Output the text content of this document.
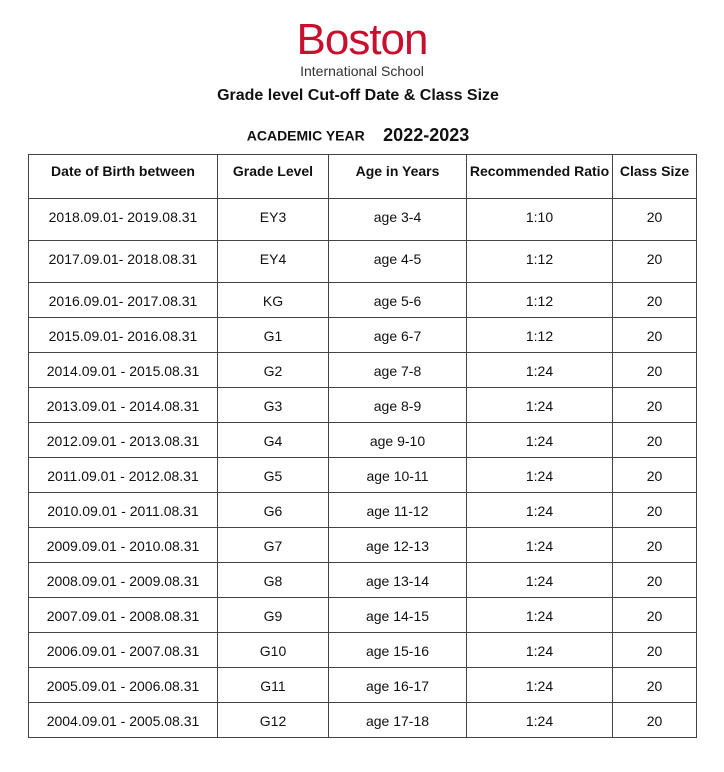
Boston
International School
Grade level Cut-off Date & Class Size
ACADEMIC YEAR 2022-2023
Date of Birth between	Grade Level	Age in Years	Recommended Ratio	Class Size
2018.09.01- 2019.08.31	EY3	age 3-4	1:10	20
2017.09.01- 2018.08.31	EY4	age 4-5	1:12	20
2016.09.01- 2017.08.31	KG	age 5-6	1:12	20
2015.09.01- 2016.08.31	G1	age 6-7	1:12	20
2014.09.01 - 2015.08.31	G2	age 7-8	1:24	20
2013.09.01 - 2014.08.31	G3	age 8-9	1:24	20
2012.09.01 - 2013.08.31	G4	age 9-10	1:24	20
2011.09.01 - 2012.08.31	G5	age 10-11	1:24	20
2010.09.01 - 2011.08.31	G6	age 11-12	1:24	20
2009.09.01 - 2010.08.31	G7	age 12-13	1:24	20
2008.09.01 - 2009.08.31	G8	age 13-14	1:24	20
2007.09.01 - 2008.08.31	G9	age 14-15	1:24	20
2006.09.01 - 2007.08.31	G10	age 15-16	1:24	20
2005.09.01 - 2006.08.31	G11	age 16-17	1:24	20
2004.09.01 - 2005.08.31	G12	age 17-18	1:24	20
